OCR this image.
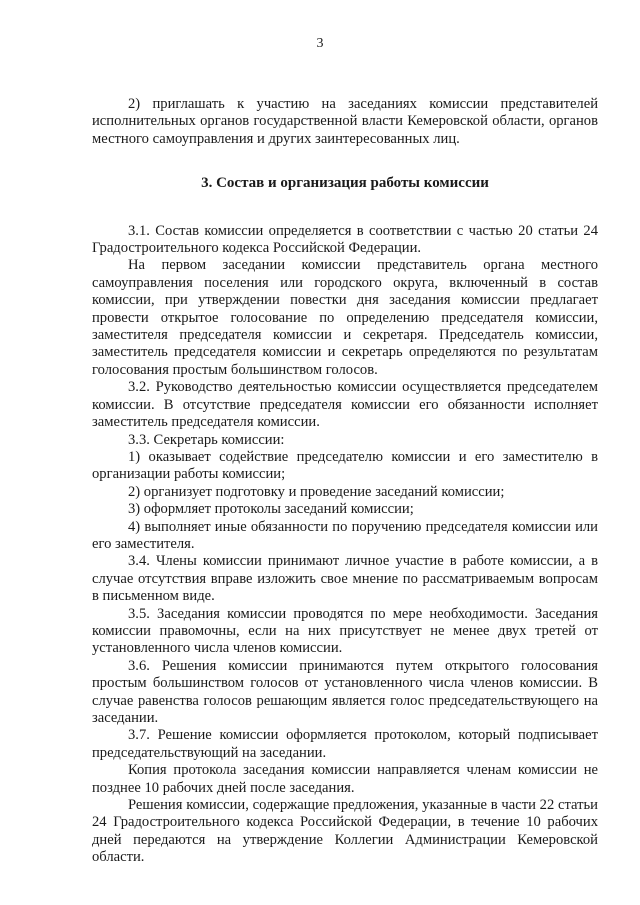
3

2) приглашать к участию на заседаниях комиссии представителей исполнительных органов государственной власти Кемеровской области, органов местного самоуправления и других заинтересованных лиц.

3. Состав и организация работы комиссии

3.1. Состав комиссии определяется в соответствии с частью 20 статьи 24 Градостроительного кодекса Российской Федерации.

На первом заседании комиссии представитель органа местного самоуправления поселения или городского округа, включенный в состав комиссии, при утверждении повестки дня заседания комиссии предлагает провести открытое голосование по определению председателя комиссии, заместителя председателя комиссии и секретаря. Председатель комиссии, заместитель председателя комиссии и секретарь определяются по результатам голосования простым большинством голосов.

3.2. Руководство деятельностью комиссии осуществляется председателем комиссии. В отсутствие председателя комиссии его обязанности исполняет заместитель председателя комиссии.

3.3. Секретарь комиссии:

1) оказывает содействие председателю комиссии и его заместителю в организации работы комиссии;

2) организует подготовку и проведение заседаний комиссии;

3) оформляет протоколы заседаний комиссии;

4) выполняет иные обязанности по поручению председателя комиссии или его заместителя.

3.4. Члены комиссии принимают личное участие в работе комиссии, а в случае отсутствия вправе изложить свое мнение по рассматриваемым вопросам в письменном виде.

3.5. Заседания комиссии проводятся по мере необходимости. Заседания комиссии правомочны, если на них присутствует не менее двух третей от установленного числа членов комиссии.

3.6. Решения комиссии принимаются путем открытого голосования простым большинством голосов от установленного числа членов комиссии. В случае равенства голосов решающим является голос председательствующего на заседании.

3.7. Решение комиссии оформляется протоколом, который подписывает председательствующий на заседании.

Копия протокола заседания комиссии направляется членам комиссии не позднее 10 рабочих дней после заседания.

Решения комиссии, содержащие предложения, указанные в части 22 статьи 24 Градостроительного кодекса Российской Федерации, в течение 10 рабочих дней передаются на утверждение Коллегии Администрации Кемеровской области.
